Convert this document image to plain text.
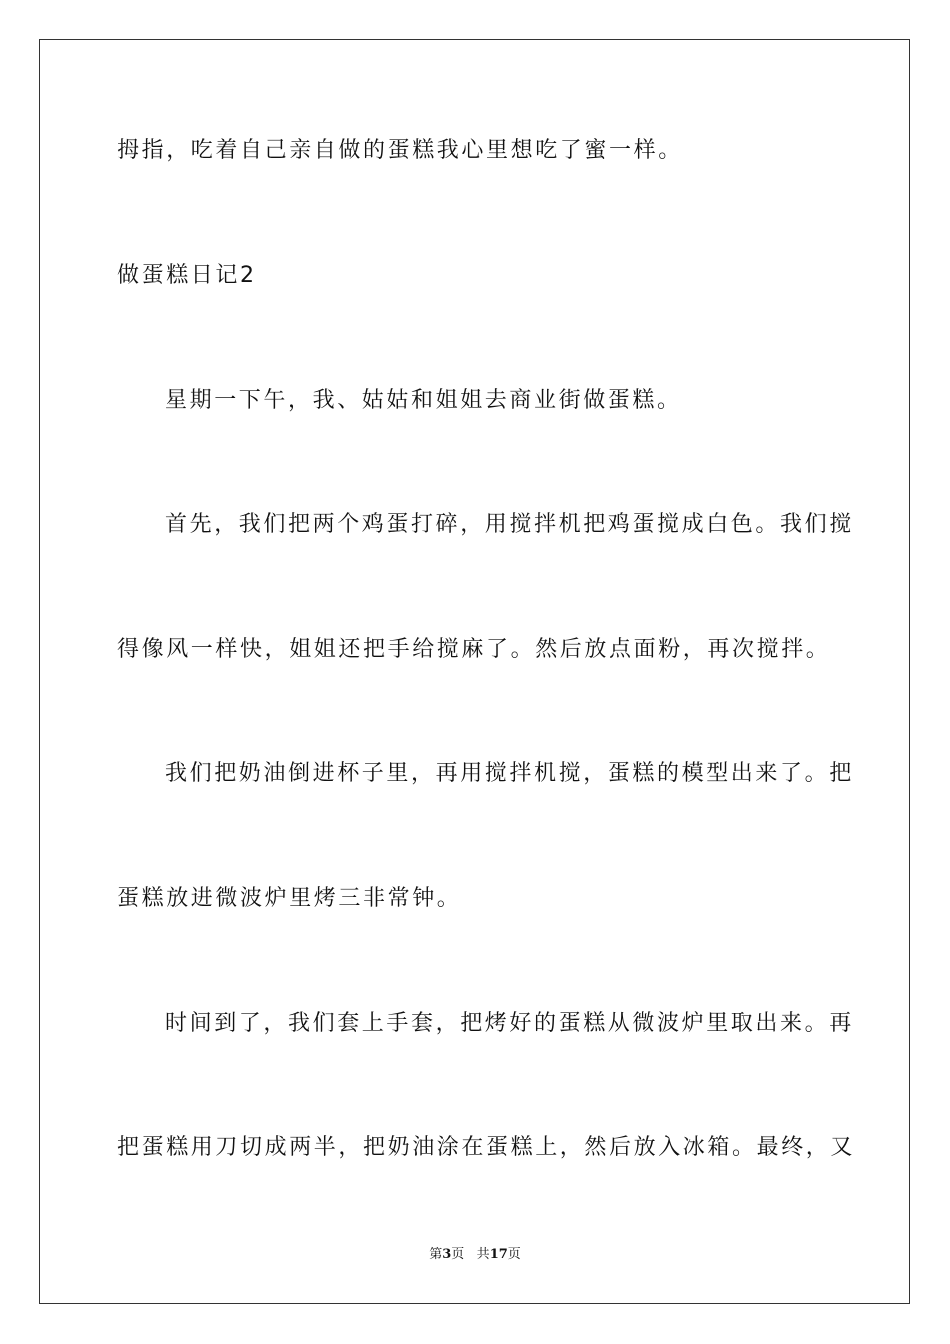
拇指，吃着自己亲自做的蛋糕我心里想吃了蜜一样。
做蛋糕日记2
星期一下午，我、姑姑和姐姐去商业街做蛋糕。
首先，我们把两个鸡蛋打碎，用搅拌机把鸡蛋搅成白色。我们搅
得像风一样快，姐姐还把手给搅麻了。然后放点面粉，再次搅拌。
我们把奶油倒进杯子里，再用搅拌机搅，蛋糕的模型出来了。把
蛋糕放进微波炉里烤三非常钟。
时间到了，我们套上手套，把烤好的蛋糕从微波炉里取出来。再
把蛋糕用刀切成两半，把奶油涂在蛋糕上，然后放入冰箱。最终，又
第3页 共17页
